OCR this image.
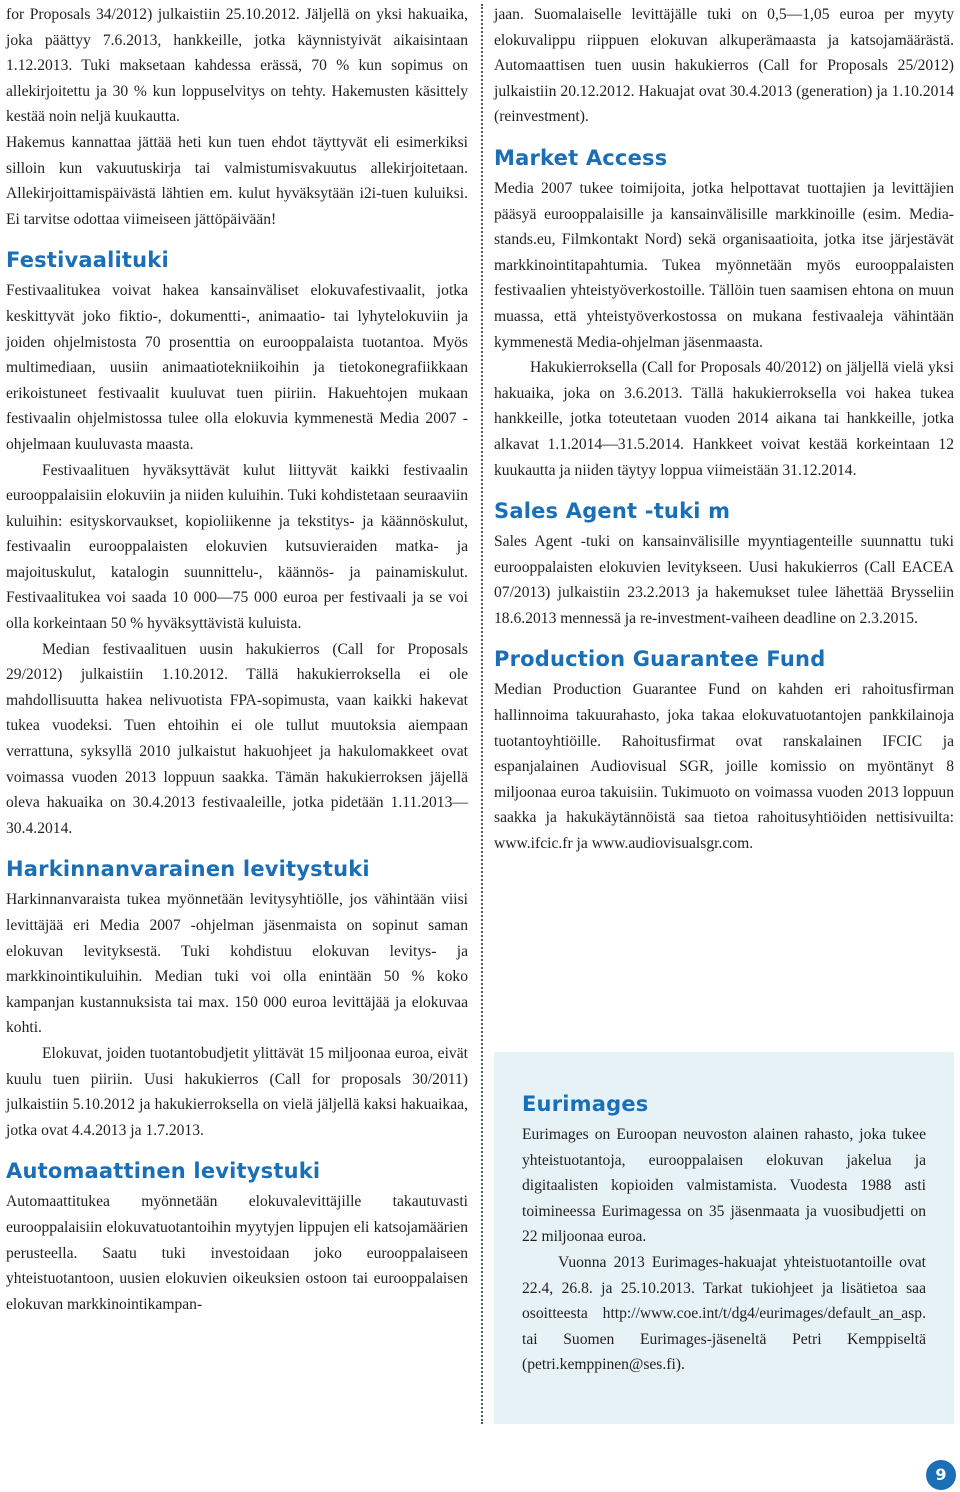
for Proposals 34/2012) julkaistiin 25.10.2012. Jäljellä on yksi hakuaika, joka päättyy 7.6.2013, hankkeille, jotka käynnistyivät aikaisintaan 1.12.2013. Tuki maksetaan kahdessa erässä, 70 % kun sopimus on allekirjoitettu ja 30 % kun loppuselvitys on tehty. Hakemusten käsittely kestää noin neljä kuukautta.

Hakemus kannattaa jättää heti kun tuen ehdot täyttyvät eli esimerkiksi silloin kun vakuutuskirja tai valmistumisvakuutus allekirjoitetaan. Allekirjoittamispäivästä lähtien em. kulut hyväksytään i2i-tuen kuluiksi. Ei tarvitse odottaa viimeiseen jättöpäivään!

Festivaalituki

Festivaalitukea voivat hakea kansainväliset elokuvafestivaalit, jotka keskittyvät joko fiktio-, dokumentti-, animaatio- tai lyhytelokuviin ja joiden ohjelmistosta 70 prosenttia on eurooppalaista tuotantoa. Myös multimediaan, uusiin animaatiotekniikoihin ja tietokonegrafiikkaan erikoistuneet festivaalit kuuluvat tuen piiriin. Hakuehtojen mukaan festivaalin ohjelmistossa tulee olla elokuvia kymmenestä Media 2007 -ohjelmaan kuuluvasta maasta.

Festivaalituen hyväksyttävät kulut liittyvät kaikki festivaalin eurooppalaisiin elokuviin ja niiden kuluihin. Tuki kohdistetaan seuraaviin kuluihin: esityskorvaukset, kopioliikenne ja tekstitys- ja käännöskulut, festivaalin eurooppalaisten elokuvien kutsuvieraiden matka- ja majoituskulut, katalogin suunnittelu-, käännös- ja painamiskulut. Festivaalitukea voi saada 10 000—75 000 euroa per festivaali ja se voi olla korkeintaan 50 % hyväksyttävistä kuluista.

Median festivaalituen uusin hakukierros (Call for Proposals 29/2012) julkaistiin 1.10.2012. Tällä hakukierroksella ei ole mahdollisuutta hakea nelivuotista FPA-sopimusta, vaan kaikki hakevat tukea vuodeksi. Tuen ehtoihin ei ole tullut muutoksia aiempaan verrattuna, syksyllä 2010 julkaistut hakuohjeet ja hakulomakkeet ovat voimassa vuoden 2013 loppuun saakka. Tämän hakukierroksen jäjellä oleva hakuaika on 30.4.2013 festivaaleille, jotka pidetään 1.11.2013—30.4.2014.

Harkinnanvarainen levitystuki

Harkinnanvaraista tukea myönnetään levitysyhtiölle, jos vähintään viisi levittäjää eri Media 2007 -ohjelman jäsenmaista on sopinut saman elokuvan levityksestä. Tuki kohdistuu elokuvan levitys- ja markkinointikuluihin. Median tuki voi olla enintään 50 % koko kampanjan kustannuksista tai max. 150 000 euroa levittäjää ja elokuvaa kohti.

Elokuvat, joiden tuotantobudjetit ylittävät 15 miljoonaa euroa, eivät kuulu tuen piiriin. Uusi hakukierros (Call for proposals 30/2011) julkaistiin 5.10.2012 ja hakukierroksella on vielä jäljellä kaksi hakuaikaa, jotka ovat 4.4.2013 ja 1.7.2013.

Automaattinen levitystuki

Automaattitukea myönnetään elokuvalevittäjille takautuvasti eurooppalaisiin elokuvatuotantoihin myytyjen lippujen eli katsojamäärien perusteella. Saatu tuki investoidaan joko eurooppalaiseen yhteistuotantoon, uusien elokuvien oikeuksien ostoon tai eurooppalaisen elokuvan markkinointikampan-

jaan. Suomalaiselle levittäjälle tuki on 0,5—1,05 euroa per myyty elokuvalippu riippuen elokuvan alkuperämaasta ja katsojamäärästä. Automaattisen tuen uusin hakukierros (Call for Proposals 25/2012) julkaistiin 20.12.2012. Hakuajat ovat 30.4.2013 (generation) ja 1.10.2014 (reinvestment).

Market Access

Media 2007 tukee toimijoita, jotka helpottavat tuottajien ja levittäjien pääsyä eurooppalaisille ja kansainvälisille markkinoille (esim. Media-stands.eu, Filmkontakt Nord) sekä organisaatioita, jotka itse järjestävät markkinointitapahtumia. Tukea myönnetään myös eurooppalaisten festivaalien yhteistyöverkostoille. Tällöin tuen saamisen ehtona on muun muassa, että yhteistyöverkostossa on mukana festivaaleja vähintään kymmenestä Media-ohjelman jäsenmaasta.

Hakukierroksella (Call for Proposals 40/2012) on jäljellä vielä yksi hakuaika, joka on 3.6.2013. Tällä hakukierroksella voi hakea tukea hankkeille, jotka toteutetaan vuoden 2014 aikana tai hankkeille, jotka alkavat 1.1.2014—31.5.2014. Hankkeet voivat kestää korkeintaan 12 kuukautta ja niiden täytyy loppua viimeistään 31.12.2014.

Sales Agent -tuki m

Sales Agent -tuki on kansainvälisille myyntiagenteille suunnattu tuki eurooppalaisten elokuvien levitykseen. Uusi hakukierros (Call EACEA 07/2013) julkaistiin 23.2.2013 ja hakemukset tulee lähettää Brysseliin 18.6.2013 mennessä ja re-investment-vaiheen deadline on 2.3.2015.

Production Guarantee Fund

Median Production Guarantee Fund on kahden eri rahoitusfirman hallinnoima takuurahasto, joka takaa elokuvatuotantojen pankkilainoja tuotantoyhtiöille. Rahoitusfirmat ovat ranskalainen IFCIC ja espanjalainen Audiovisual SGR, joille komissio on myöntänyt 8 miljoonaa euroa takuisiin. Tukimuoto on voimassa vuoden 2013 loppuun saakka ja hakukäytännöistä saa tietoa rahoitusyhtiöiden nettisivuilta: www.ifcic.fr ja www.audiovisualsgr.com.

Eurimages

Eurimages on Euroopan neuvoston alainen rahasto, joka tukee yhteistuotantoja, eurooppalaisen elokuvan jakelua ja digitaalisten kopioiden valmistamista. Vuodesta 1988 asti toimineessa Eurimagessa on 35 jäsenmaata ja vuosibudjetti on 22 miljoonaa euroa.

Vuonna 2013 Eurimages-hakuajat yhteistuotantoille ovat 22.4, 26.8. ja 25.10.2013. Tarkat tukiohjeet ja lisätietoa saa osoitteesta http://www.coe.int/t/dg4/eurimages/default_an_asp. tai Suomen Eurimages-jäseneltä Petri Kemppiseltä (petri.kemppinen@ses.fi).

9
